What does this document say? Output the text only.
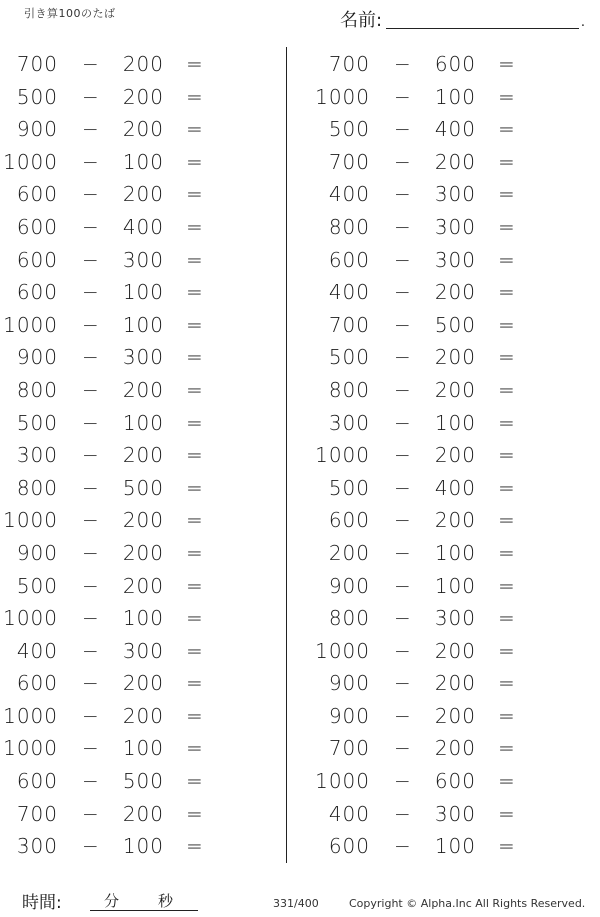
引き算100のたば	名前:	.
700 − 200 =
500 − 200 =
900 − 200 =
1000 − 100 =
600 − 200 =
600 − 400 =
600 − 300 =
600 − 100 =
1000 − 100 =
900 − 300 =
800 − 200 =
500 − 100 =
300 − 200 =
800 − 500 =
1000 − 200 =
900 − 200 =
500 − 200 =
1000 − 100 =
400 − 300 =
600 − 200 =
1000 − 200 =
1000 − 100 =
600 − 500 =
700 − 200 =
300 − 100 =
700 − 600 =
1000 − 100 =
500 − 400 =
700 − 200 =
400 − 300 =
800 − 300 =
600 − 300 =
400 − 200 =
700 − 500 =
500 − 200 =
800 − 200 =
300 − 100 =
1000 − 200 =
500 − 400 =
600 − 200 =
200 − 100 =
900 − 100 =
800 − 300 =
1000 − 200 =
900 − 200 =
900 − 200 =
700 − 200 =
1000 − 600 =
400 − 300 =
600 − 100 =
時間:	分	秒	331/400	Copyright © Alpha.Inc All Rights Reserved.
